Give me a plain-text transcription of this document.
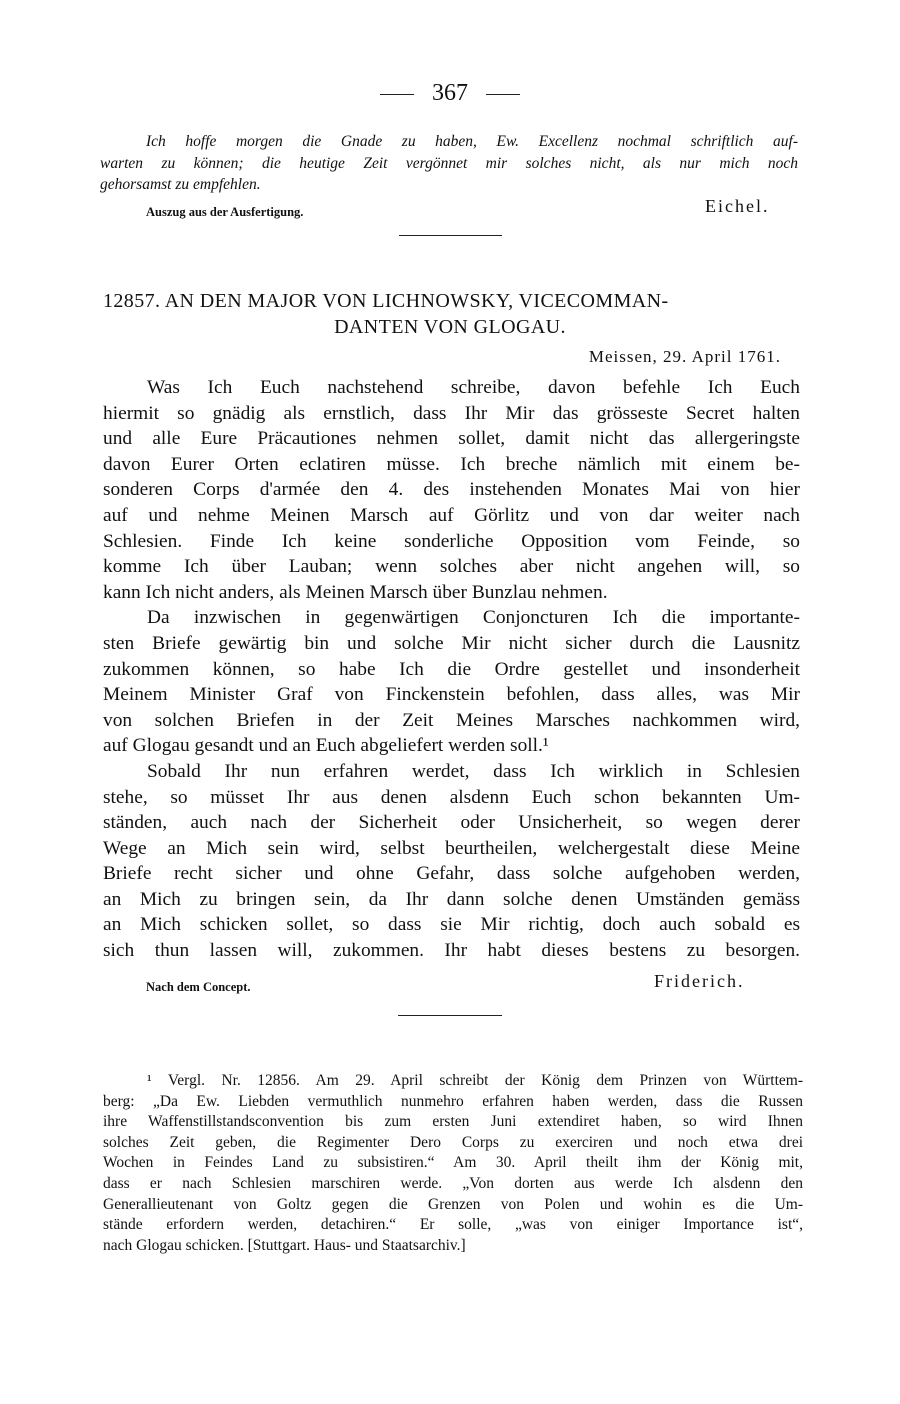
367
Ich hoffe morgen die Gnade zu haben, Ew. Excellenz nochmal schriftlich auf-
warten zu können; die heutige Zeit vergönnet mir solches nicht, als nur mich noch
gehorsamst zu empfehlen.
Auszug aus der Ausfertigung.	Eichel.
12857. AN DEN MAJOR VON LICHNOWSKY, VICECOMMAN-
DANTEN VON GLOGAU.
Meissen, 29. April 1761.
Was Ich Euch nachstehend schreibe, davon befehle Ich Euch
hiermit so gnädig als ernstlich, dass Ihr Mir das grösseste Secret halten
und alle Eure Präcautiones nehmen sollet, damit nicht das allergeringste
davon Eurer Orten eclatiren müsse. Ich breche nämlich mit einem be-
sonderen Corps d'armée den 4. des instehenden Monates Mai von hier
auf und nehme Meinen Marsch auf Görlitz und von dar weiter nach
Schlesien. Finde Ich keine sonderliche Opposition vom Feinde, so
komme Ich über Lauban; wenn solches aber nicht angehen will, so
kann Ich nicht anders, als Meinen Marsch über Bunzlau nehmen.
Da inzwischen in gegenwärtigen Conjoncturen Ich die importante-
sten Briefe gewärtig bin und solche Mir nicht sicher durch die Lausnitz
zukommen können, so habe Ich die Ordre gestellet und insonderheit
Meinem Minister Graf von Finckenstein befohlen, dass alles, was Mir
von solchen Briefen in der Zeit Meines Marsches nachkommen wird,
auf Glogau gesandt und an Euch abgeliefert werden soll.¹
Sobald Ihr nun erfahren werdet, dass Ich wirklich in Schlesien
stehe, so müsset Ihr aus denen alsdenn Euch schon bekannten Um-
ständen, auch nach der Sicherheit oder Unsicherheit, so wegen derer
Wege an Mich sein wird, selbst beurtheilen, welchergestalt diese Meine
Briefe recht sicher und ohne Gefahr, dass solche aufgehoben werden,
an Mich zu bringen sein, da Ihr dann solche denen Umständen gemäss
an Mich schicken sollet, so dass sie Mir richtig, doch auch sobald es
sich thun lassen will, zukommen. Ihr habt dieses bestens zu besorgen.
Nach dem Concept.	Friderich.
¹ Vergl. Nr. 12856. Am 29. April schreibt der König dem Prinzen von Württem-
berg: „Da Ew. Liebden vermuthlich nunmehro erfahren haben werden, dass die Russen
ihre Waffenstillstandsconvention bis zum ersten Juni extendiret haben, so wird Ihnen
solches Zeit geben, die Regimenter Dero Corps zu exerciren und noch etwa drei
Wochen in Feindes Land zu subsistiren.“ Am 30. April theilt ihm der König mit,
dass er nach Schlesien marschiren werde. „Von dorten aus werde Ich alsdenn den
Generallieutenant von Goltz gegen die Grenzen von Polen und wohin es die Um-
stände erfordern werden, detachiren.“ Er solle, „was von einiger Importance ist“,
nach Glogau schicken. [Stuttgart. Haus- und Staatsarchiv.]
